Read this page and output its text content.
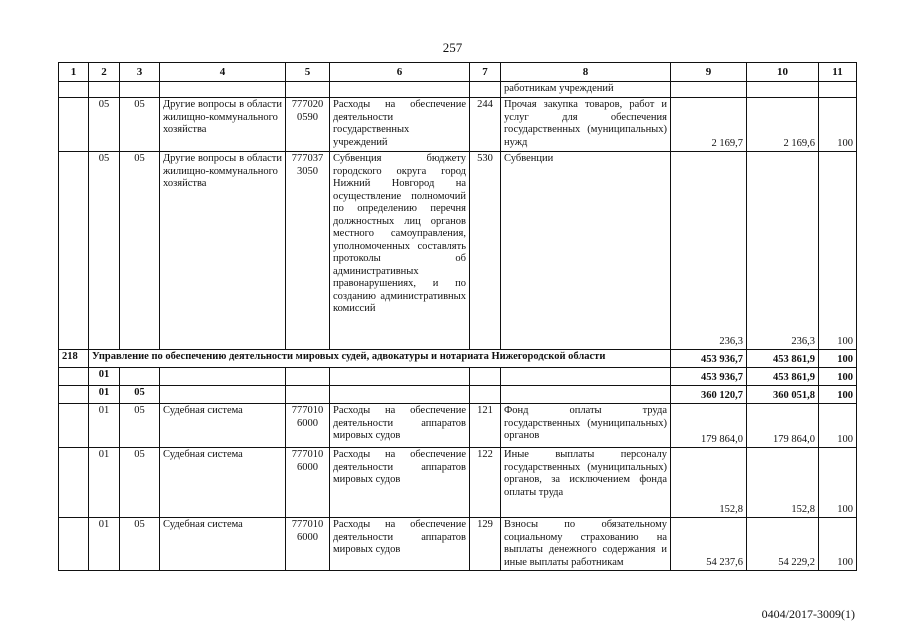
257
1	2	3	4	5	6	7	8	9	10	11
							работникам учреждений			
	05	05	Другие вопросы в области жилищно-коммунального хозяйства	777020 0590	Расходы на обеспечение деятельности государственных учреждений	244	Прочая закупка товаров, работ и услуг для обеспечения государственных (муниципальных) нужд	2 169,7	2 169,6	100
	05	05	Другие вопросы в области жилищно-коммунального хозяйства	777037 3050	Субвенция бюджету городского округа город Нижний Новгород на осуществление полномочий по определению перечня должностных лиц органов местного самоуправления, уполномоченных составлять протоколы об административных правонарушениях, и по созданию административных комиссий	530	Субвенции	236,3	236,3	100
218	Управление по обеспечению деятельности мировых судей, адвокатуры и нотариата Нижегородской области							453 936,7	453 861,9	100
	01							453 936,7	453 861,9	100
	01	05						360 120,7	360 051,8	100
	01	05	Судебная система	777010 6000	Расходы на обеспечение деятельности аппаратов мировых судов	121	Фонд оплаты труда государственных (муниципальных) органов	179 864,0	179 864,0	100
	01	05	Судебная система	777010 6000	Расходы на обеспечение деятельности аппаратов мировых судов	122	Иные выплаты персоналу государственных (муниципальных) органов, за исключением фонда оплаты труда	152,8	152,8	100
	01	05	Судебная система	777010 6000	Расходы на обеспечение деятельности аппаратов мировых судов	129	Взносы по обязательному социальному страхованию на выплаты денежного содержания и иные выплаты работникам	54 237,6	54 229,2	100
0404/2017-3009(1)
